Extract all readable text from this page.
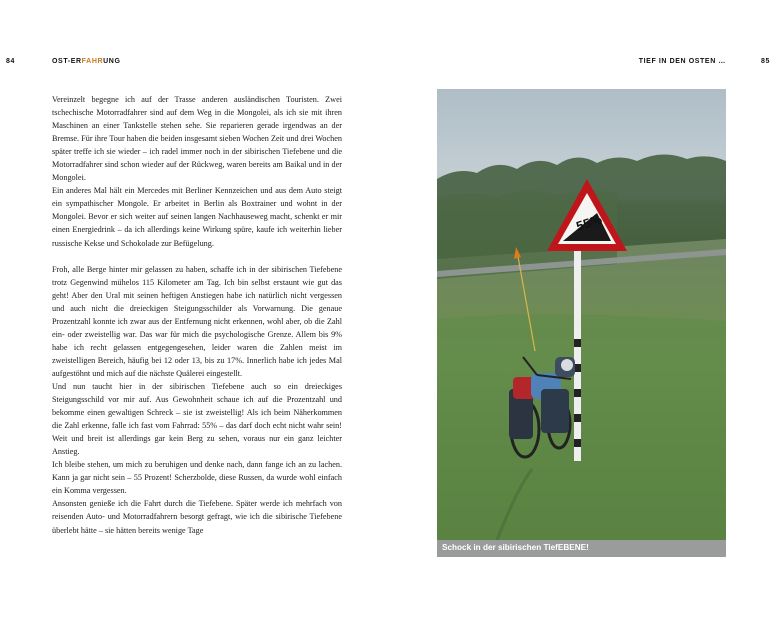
84	OST-ERFAHRUNG	TIEF IN DEN OSTEN …	85

Vereinzelt begegne ich auf der Trasse anderen ausländischen Touristen. Zwei tschechische Motorradfahrer sind auf dem Weg in die Mongolei, als ich sie mit ihren Maschinen an einer Tankstelle stehen sehe. Sie reparieren gerade irgendwas an der Bremse. Für ihre Tour haben die beiden insgesamt sieben Wochen Zeit und drei Wochen später treffe ich sie wieder – ich radel immer noch in der sibirischen Tiefebene und die Motorradfahrer sind schon wieder auf der Rückweg, waren bereits am Baikal und in der Mongolei.

Ein anderes Mal hält ein Mercedes mit Berliner Kennzeichen und aus dem Auto steigt ein sympathischer Mongole. Er arbeitet in Berlin als Boxtrainer und wohnt in der Mongolei. Bevor er sich weiter auf seinen langen Nachhauseweg macht, schenkt er mir einen Energiedrink – da ich allerdings keine Wirkung spüre, kaufe ich weiterhin lieber russische Kekse und Schokolade zur Befügelung.

Froh, alle Berge hinter mir gelassen zu haben, schaffe ich in der sibirischen Tiefebene trotz Gegenwind mühelos 115 Kilometer am Tag. Ich bin selbst erstaunt wie gut das geht! Aber den Ural mit seinen heftigen Anstiegen habe ich natürlich nicht vergessen und auch nicht die dreieckigen Steigungsschilder als Vorwarnung. Die genaue Prozentzahl konnte ich zwar aus der Entfernung nicht erkennen, wohl aber, ob die Zahl ein- oder zweistellig war. Das war für mich die psychologische Grenze. Allem bis 9% habe ich recht gelassen entgegengesehen, leider waren die Zahlen meist im zweistelligen Bereich, häufig bei 12 oder 13, bis zu 17%. Innerlich habe ich jedes Mal aufgestöhnt und mich auf die nächste Quälerei eingestellt.

Und nun taucht hier in der sibirischen Tiefebene auch so ein dreieckiges Steigungsschild vor mir auf. Aus Gewohnheit schaue ich auf die Prozentzahl und bekomme einen gewaltigen Schreck – sie ist zweistellig! Als ich beim Näherkommen die Zahl erkenne, falle ich fast vom Fahrrad: 55% – das darf doch echt nicht wahr sein! Weit und breit ist allerdings gar kein Berg zu sehen, voraus nur ein ganz leichter Anstieg.

Ich bleibe stehen, um mich zu beruhigen und denke nach, dann fange ich an zu lachen. Kann ja gar nicht sein – 55 Prozent! Scherzbolde, diese Russen, da wurde wohl einfach ein Komma vergessen.

Ansonsten genieße ich die Fahrt durch die Tiefebene. Später werde ich mehrfach von reisenden Auto- und Motorradfahrern besorgt gefragt, wie ich die sibirische Tiefebene überlebt hätte – sie hätten bereits wenige Tage

55%
Schock in der sibirischen TiefEBENE!
